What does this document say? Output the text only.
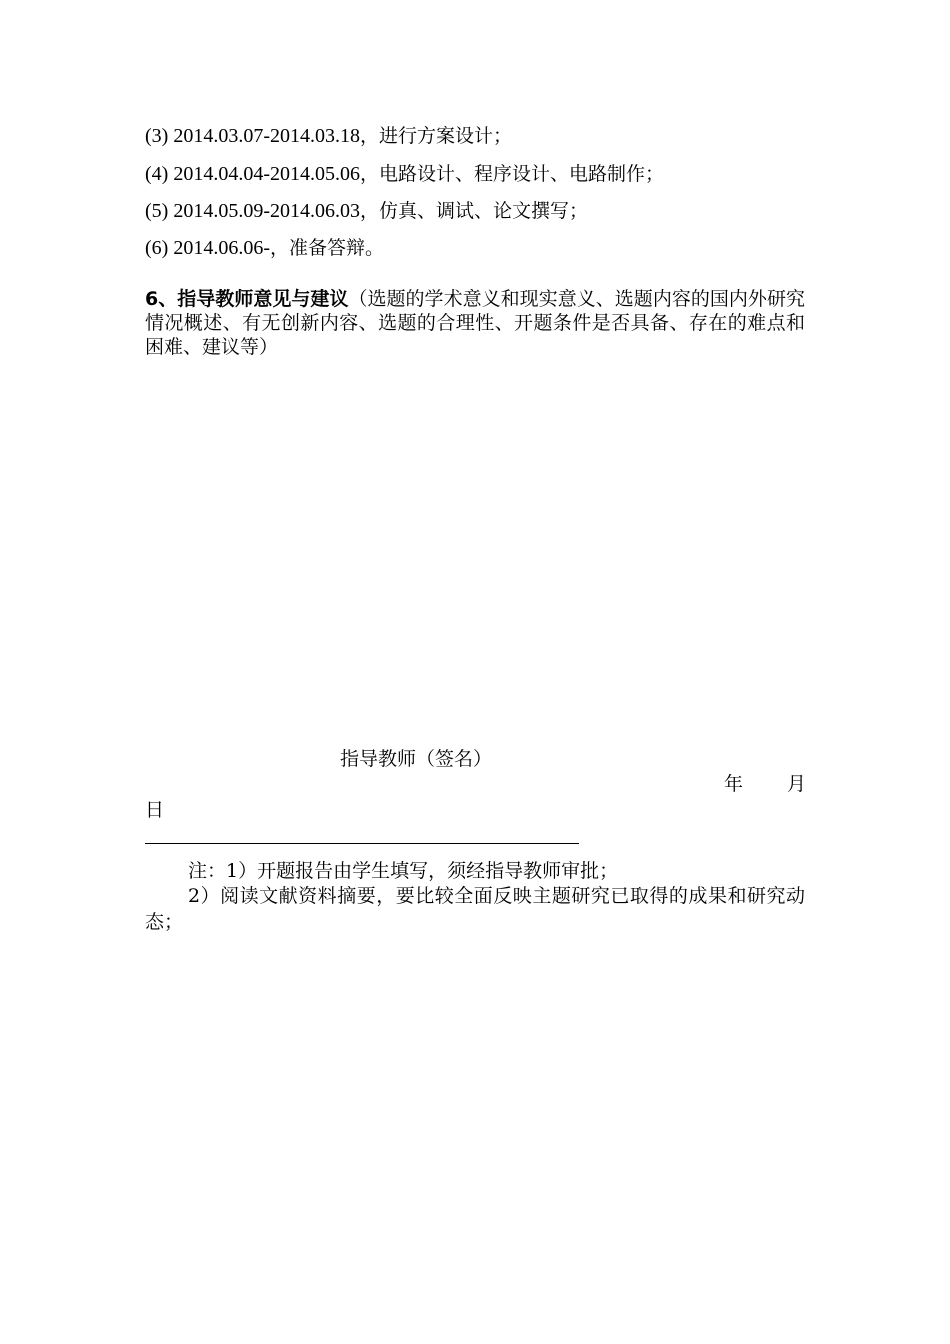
(3) 2014.03.07-2014.03.18，进行方案设计；
(4) 2014.04.04-2014.05.06，电路设计、程序设计、电路制作；
(5) 2014.05.09-2014.06.03，仿真、调试、论文撰写；
(6) 2014.06.06-，准备答辩。
6、指导教师意见与建议（选题的学术意义和现实意义、选题内容的国内外研究情况概述、有无创新内容、选题的合理性、开题条件是否具备、存在的难点和困难、建议等）
指导教师（签名）
年 月
日
注：1）开题报告由学生填写，须经指导教师审批；
2）阅读文献资料摘要，要比较全面反映主题研究已取得的成果和研究动态；
